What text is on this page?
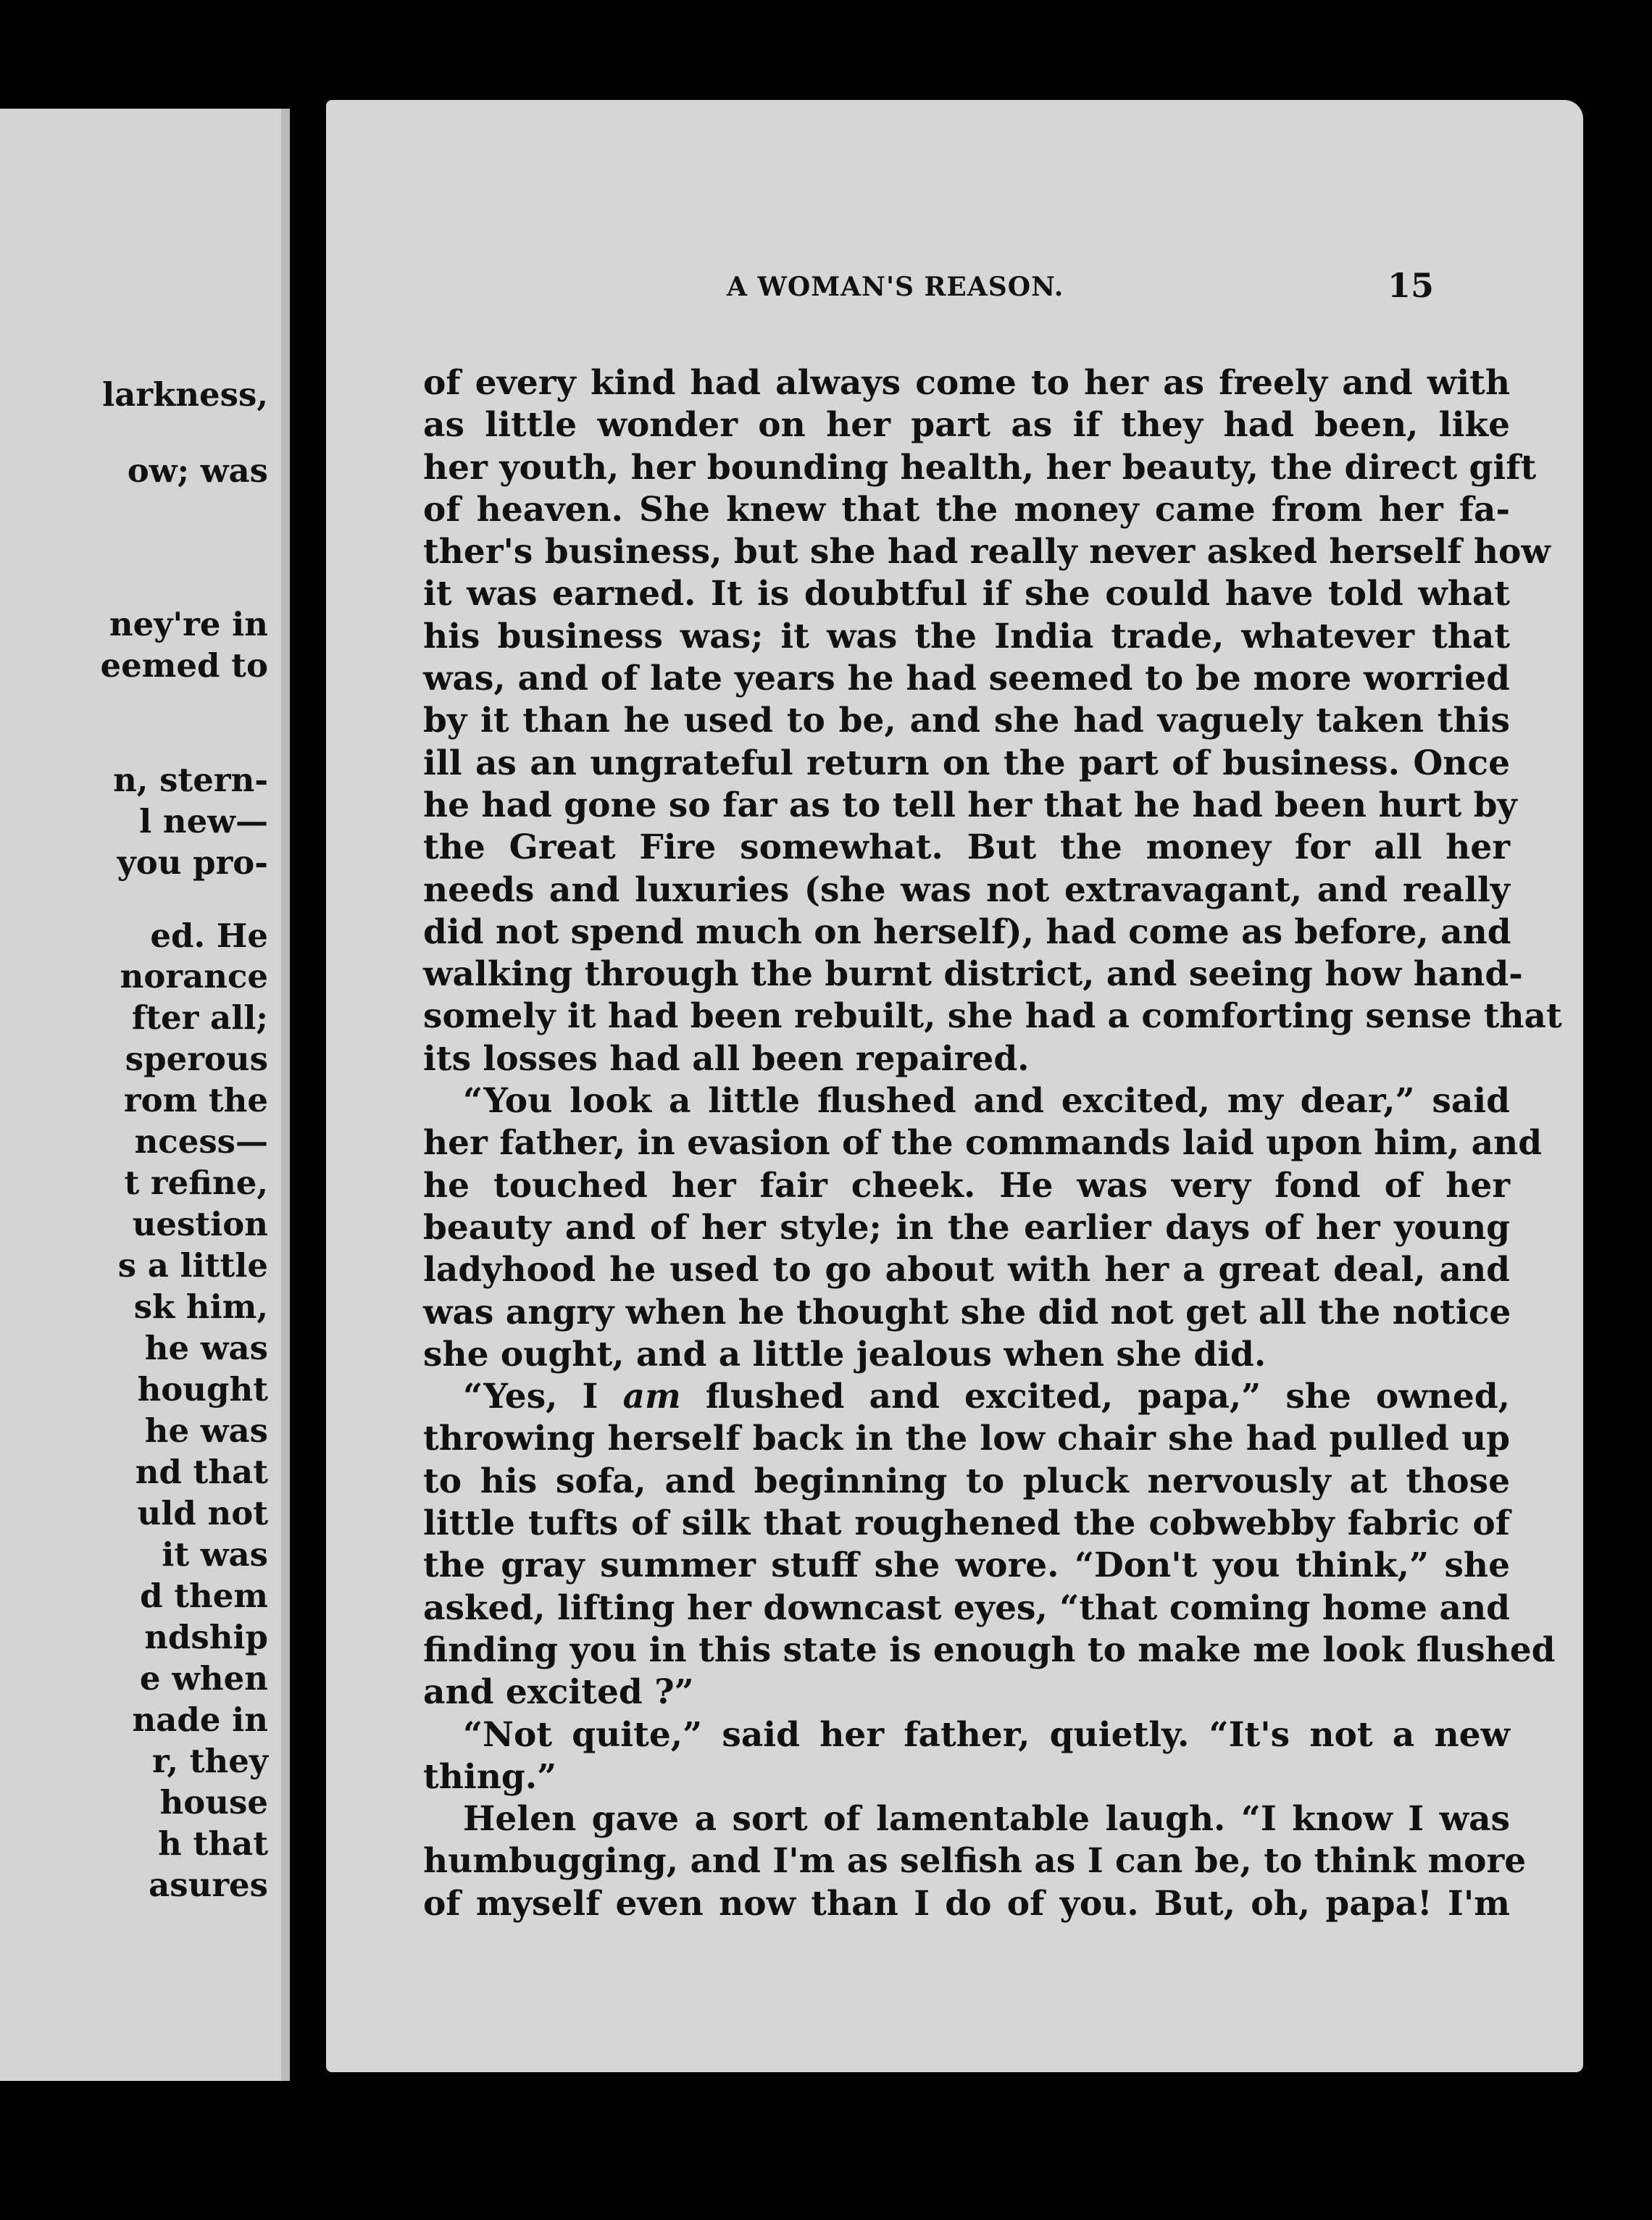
larkness,
ow; was
ney're in
eemed to
n, stern-
l new—
you pro-
ed. He
norance
fter all;
sperous
rom the
ncess—
t refine,
uestion
s a little
sk him,
he was
hought
he was
nd that
uld not
it was
d them
ndship
e when
nade in
r, they
house
h that
asures
A WOMAN'S REASON.	15
of every kind had always come to her as freely and with
as little wonder on her part as if they had been, like
her youth, her bounding health, her beauty, the direct gift
of heaven. She knew that the money came from her fa-
ther's business, but she had really never asked herself how
it was earned. It is doubtful if she could have told what
his business was; it was the India trade, whatever that
was, and of late years he had seemed to be more worried
by it than he used to be, and she had vaguely taken this
ill as an ungrateful return on the part of business. Once
he had gone so far as to tell her that he had been hurt by
the Great Fire somewhat. But the money for all her
needs and luxuries (she was not extravagant, and really
did not spend much on herself), had come as before, and
walking through the burnt district, and seeing how hand-
somely it had been rebuilt, she had a comforting sense that
its losses had all been repaired.
“You look a little flushed and excited, my dear,” said
her father, in evasion of the commands laid upon him, and
he touched her fair cheek. He was very fond of her
beauty and of her style; in the earlier days of her young
ladyhood he used to go about with her a great deal, and
was angry when he thought she did not get all the notice
she ought, and a little jealous when she did.
“Yes, I am flushed and excited, papa,” she owned,
throwing herself back in the low chair she had pulled up
to his sofa, and beginning to pluck nervously at those
little tufts of silk that roughened the cobwebby fabric of
the gray summer stuff she wore. “Don't you think,” she
asked, lifting her downcast eyes, “that coming home and
finding you in this state is enough to make me look flushed
and excited ?”
“Not quite,” said her father, quietly. “It's not a new
thing.”
Helen gave a sort of lamentable laugh. “I know I was
humbugging, and I'm as selfish as I can be, to think more
of myself even now than I do of you. But, oh, papa! I'm
